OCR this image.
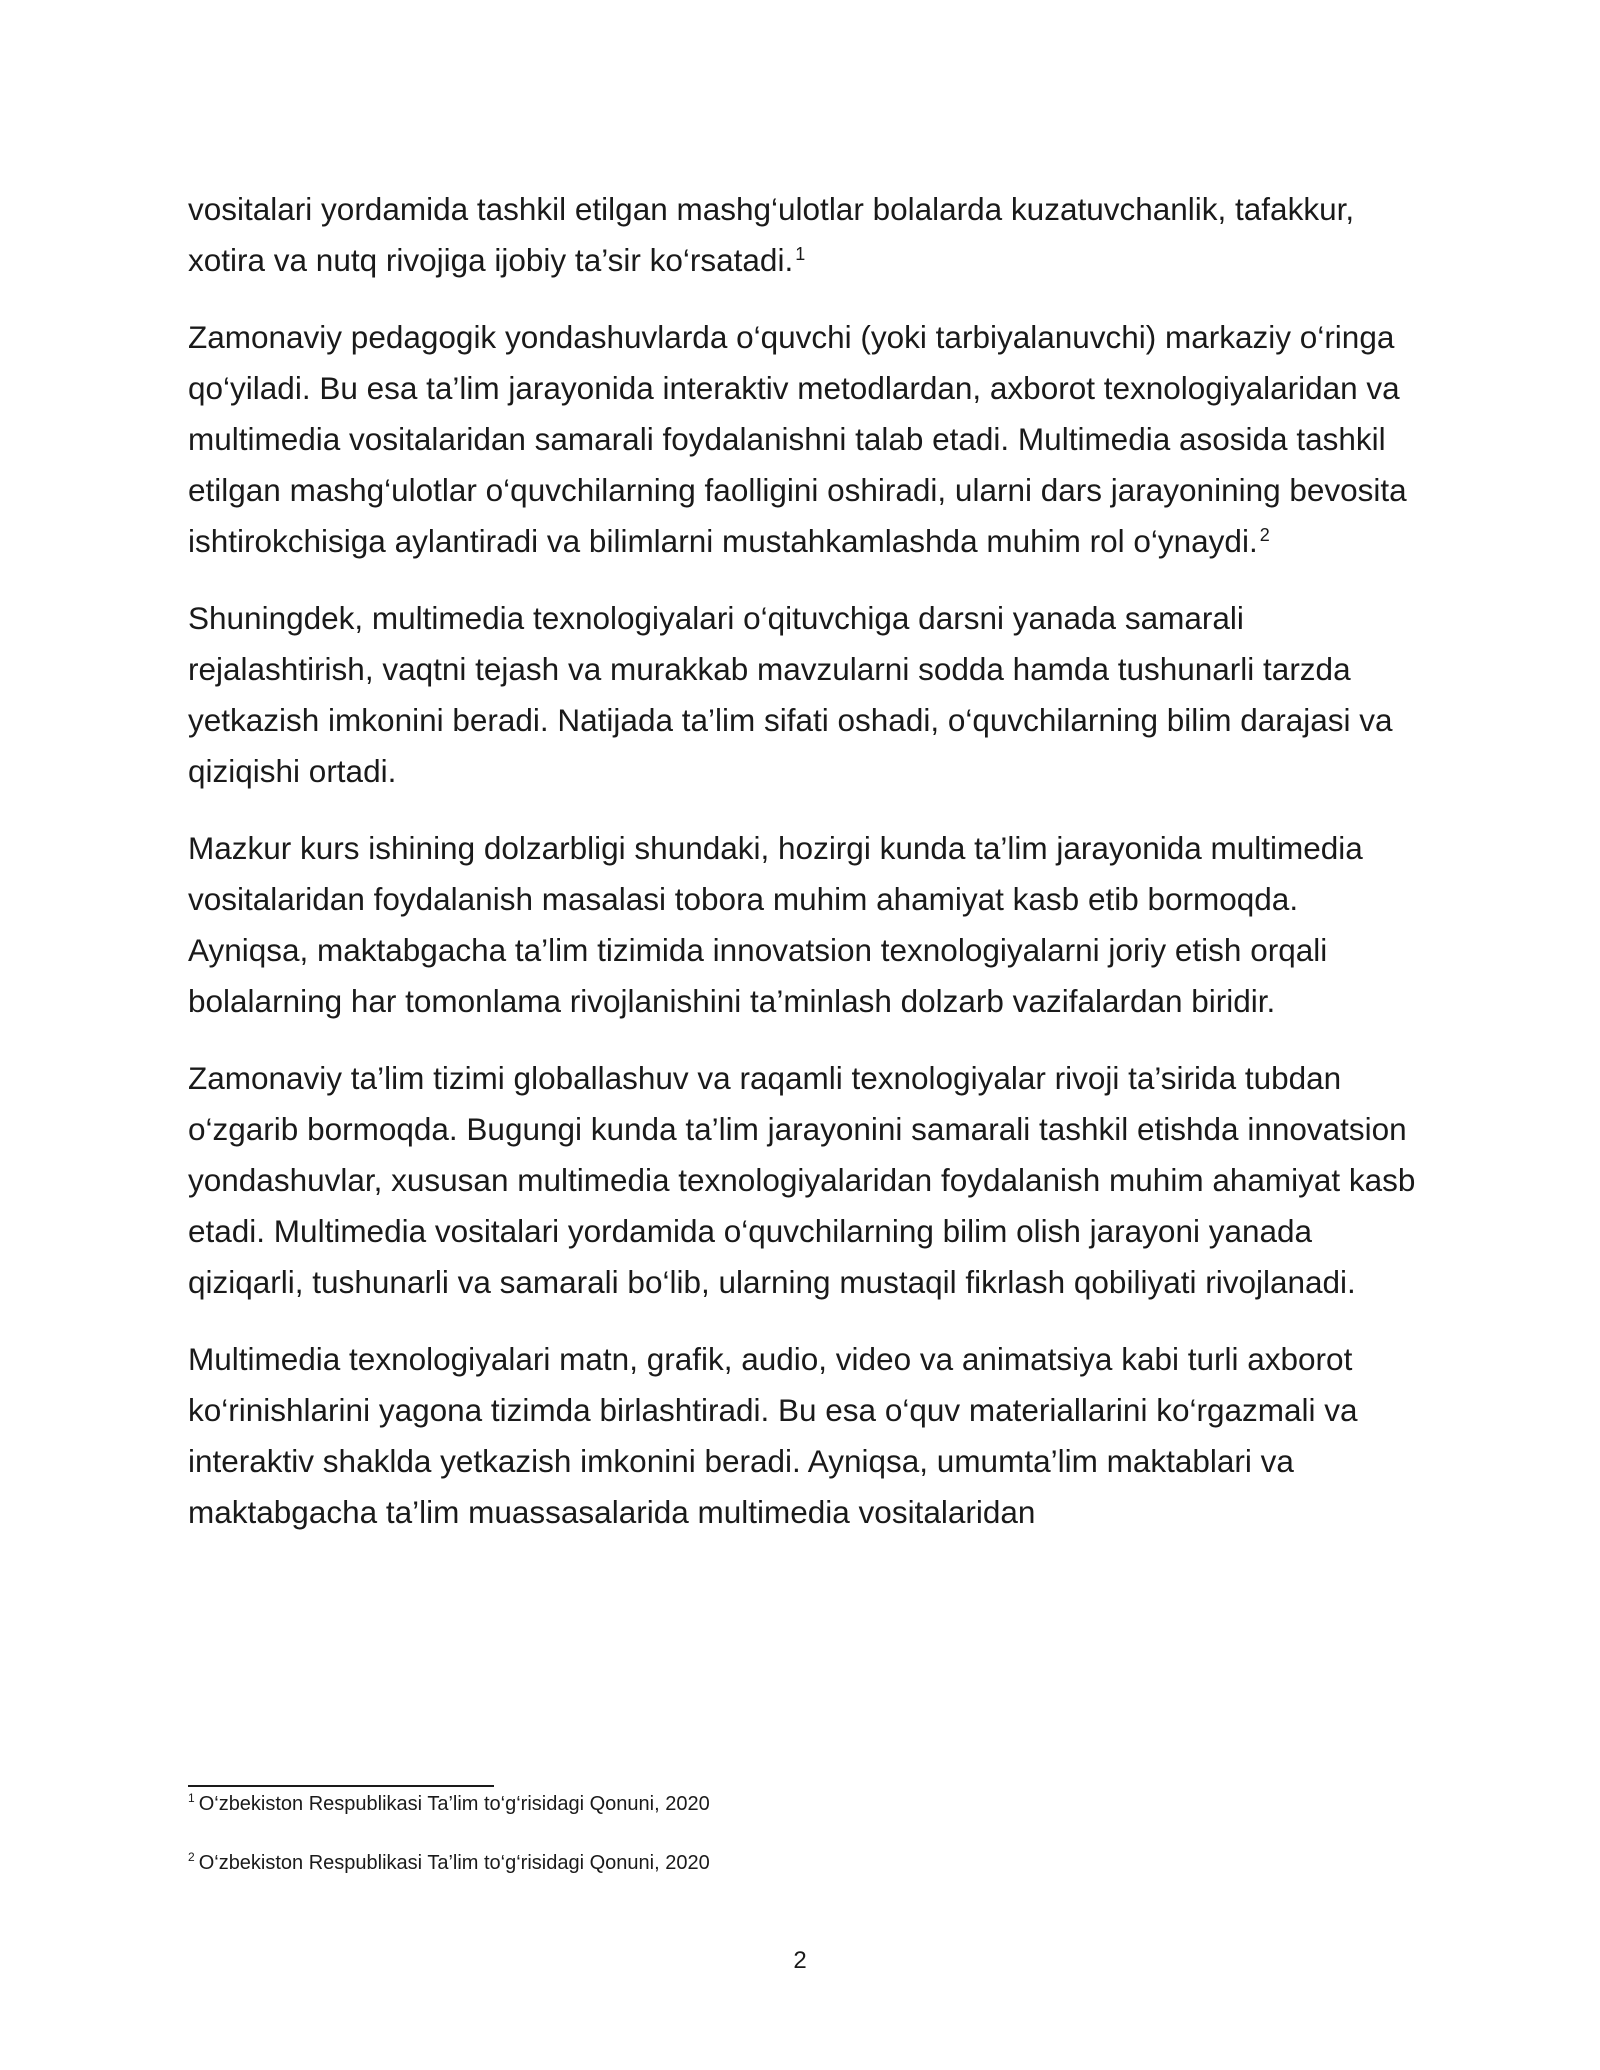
vositalari yordamida tashkil etilgan mashg‘ulotlar bolalarda kuzatuvchanlik, tafakkur, xotira va nutq rivojiga ijobiy ta’sir ko‘rsatadi. $^1$

Zamonaviy pedagogik yondashuvlarda o‘quvchi (yoki tarbiyalanuvchi) markaziy o‘ringa qo‘yiladi. Bu esa ta’lim jarayonida interaktiv metodlardan, axborot texnologiyalaridan va multimedia vositalaridan samarali foydalanishni talab etadi. Multimedia asosida tashkil etilgan mashg‘ulotlar o‘quvchilarning faolligini oshiradi, ularni dars jarayonining bevosita ishtirokchisiga aylantiradi va bilimlarni mustahkamlashda muhim rol o‘ynaydi. $^2$

Shuningdek, multimedia texnologiyalari o‘qituvchiga darsni yanada samarali rejalashtirish, vaqtni tejash va murakkab mavzularni sodda hamda tushunarli tarzda yetkazish imkonini beradi. Natijada ta’lim sifati oshadi, o‘quvchilarning bilim darajasi va qiziqishi ortadi.

Mazkur kurs ishining dolzarbligi shundaki, hozirgi kunda ta’lim jarayonida multimedia vositalaridan foydalanish masalasi tobora muhim ahamiyat kasb etib bormoqda. Ayniqsa, maktabgacha ta’lim tizimida innovatsion texnologiyalarni joriy etish orqali bolalarning har tomonlama rivojlanishini ta’minlash dolzarb vazifalardan biridir.

Zamonaviy ta’lim tizimi globallashuv va raqamli texnologiyalar rivoji ta’sirida tubdan o‘zgarib bormoqda. Bugungi kunda ta’lim jarayonini samarali tashkil etishda innovatsion yondashuvlar, xususan multimedia texnologiyalaridan foydalanish muhim ahamiyat kasb etadi. Multimedia vositalari yordamida o‘quvchilarning bilim olish jarayoni yanada qiziqarli, tushunarli va samarali bo‘lib, ularning mustaqil fikrlash qobiliyati rivojlanadi.

Multimedia texnologiyalari matn, grafik, audio, video va animatsiya kabi turli axborot ko‘rinishlarini yagona tizimda birlashtiradi. Bu esa o‘quv materiallarini ko‘rgazmali va interaktiv shaklda yetkazish imkonini beradi. Ayniqsa, umumta’lim maktablari va maktabgacha ta’lim muassasalarida multimedia vositalaridan

$^1$ O‘zbekiston Respublikasi Ta’lim to‘g‘risidagi Qonuni, 2020
$^2$ O‘zbekiston Respublikasi Ta’lim to‘g‘risidagi Qonuni, 2020
2
